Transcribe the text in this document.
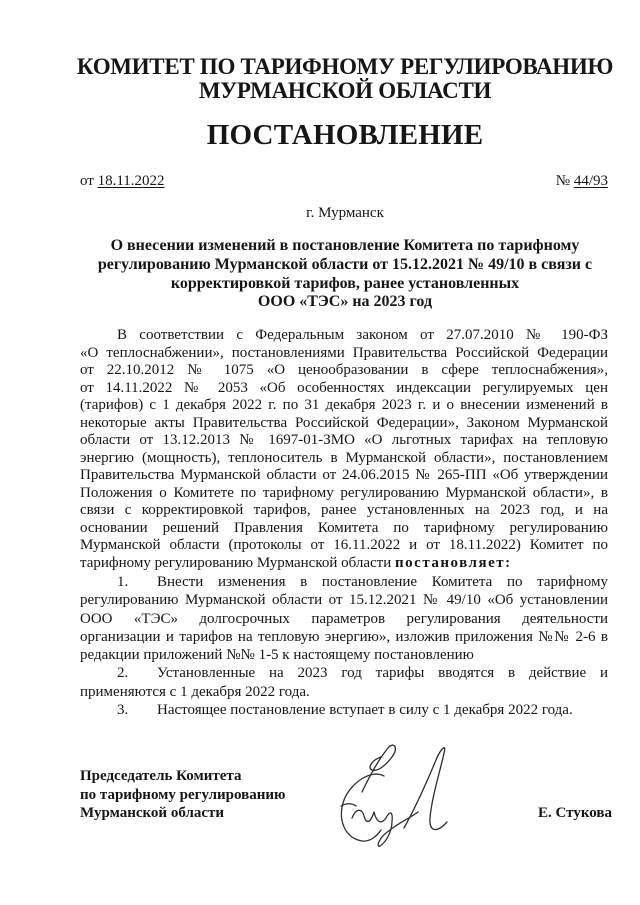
КОМИТЕТ ПО ТАРИФНОМУ РЕГУЛИРОВАНИЮ
МУРМАНСКОЙ ОБЛАСТИ
ПОСТАНОВЛЕНИЕ
от 18.11.2022	№ 44/93
г. Мурманск
О внесении изменений в постановление Комитета по тарифному
регулированию Мурманской области от 15.12.2021 № 49/10 в связи с
корректировкой тарифов, ранее установленных
ООО «ТЭС» на 2023 год
В соответствии с Федеральным законом от 27.07.2010 № 190-ФЗ
«О теплоснабжении», постановлениями Правительства Российской Федерации
от 22.10.2012 № 1075 «О ценообразовании в сфере теплоснабжения»,
от 14.11.2022 № 2053 «Об особенностях индексации регулируемых цен
(тарифов) с 1 декабря 2022 г. по 31 декабря 2023 г. и о внесении изменений в
некоторые акты Правительства Российской Федерации», Законом Мурманской
области от 13.12.2013 № 1697-01-ЗМО «О льготных тарифах на тепловую
энергию (мощность), теплоноситель в Мурманской области», постановлением
Правительства Мурманской области от 24.06.2015 № 265-ПП «Об утверждении
Положения о Комитете по тарифному регулированию Мурманской области», в
связи с корректировкой тарифов, ранее установленных на 2023 год, и на
основании решений Правления Комитета по тарифному регулированию
Мурманской области (протоколы от 16.11.2022 и от 18.11.2022) Комитет по
тарифному регулированию Мурманской области постановляет:
1. Внести изменения в постановление Комитета по тарифному
регулированию Мурманской области от 15.12.2021 № 49/10 «Об установлении
ООО «ТЭС» долгосрочных параметров регулирования деятельности
организации и тарифов на тепловую энергию», изложив приложения №№ 2-6 в
редакции приложений №№ 1-5 к настоящему постановлению
2. Установленные на 2023 год тарифы вводятся в действие и
применяются с 1 декабря 2022 года.
3. Настоящее постановление вступает в силу с 1 декабря 2022 года.
Председатель Комитета
по тарифному регулированию
Мурманской области	Е. Стукова
